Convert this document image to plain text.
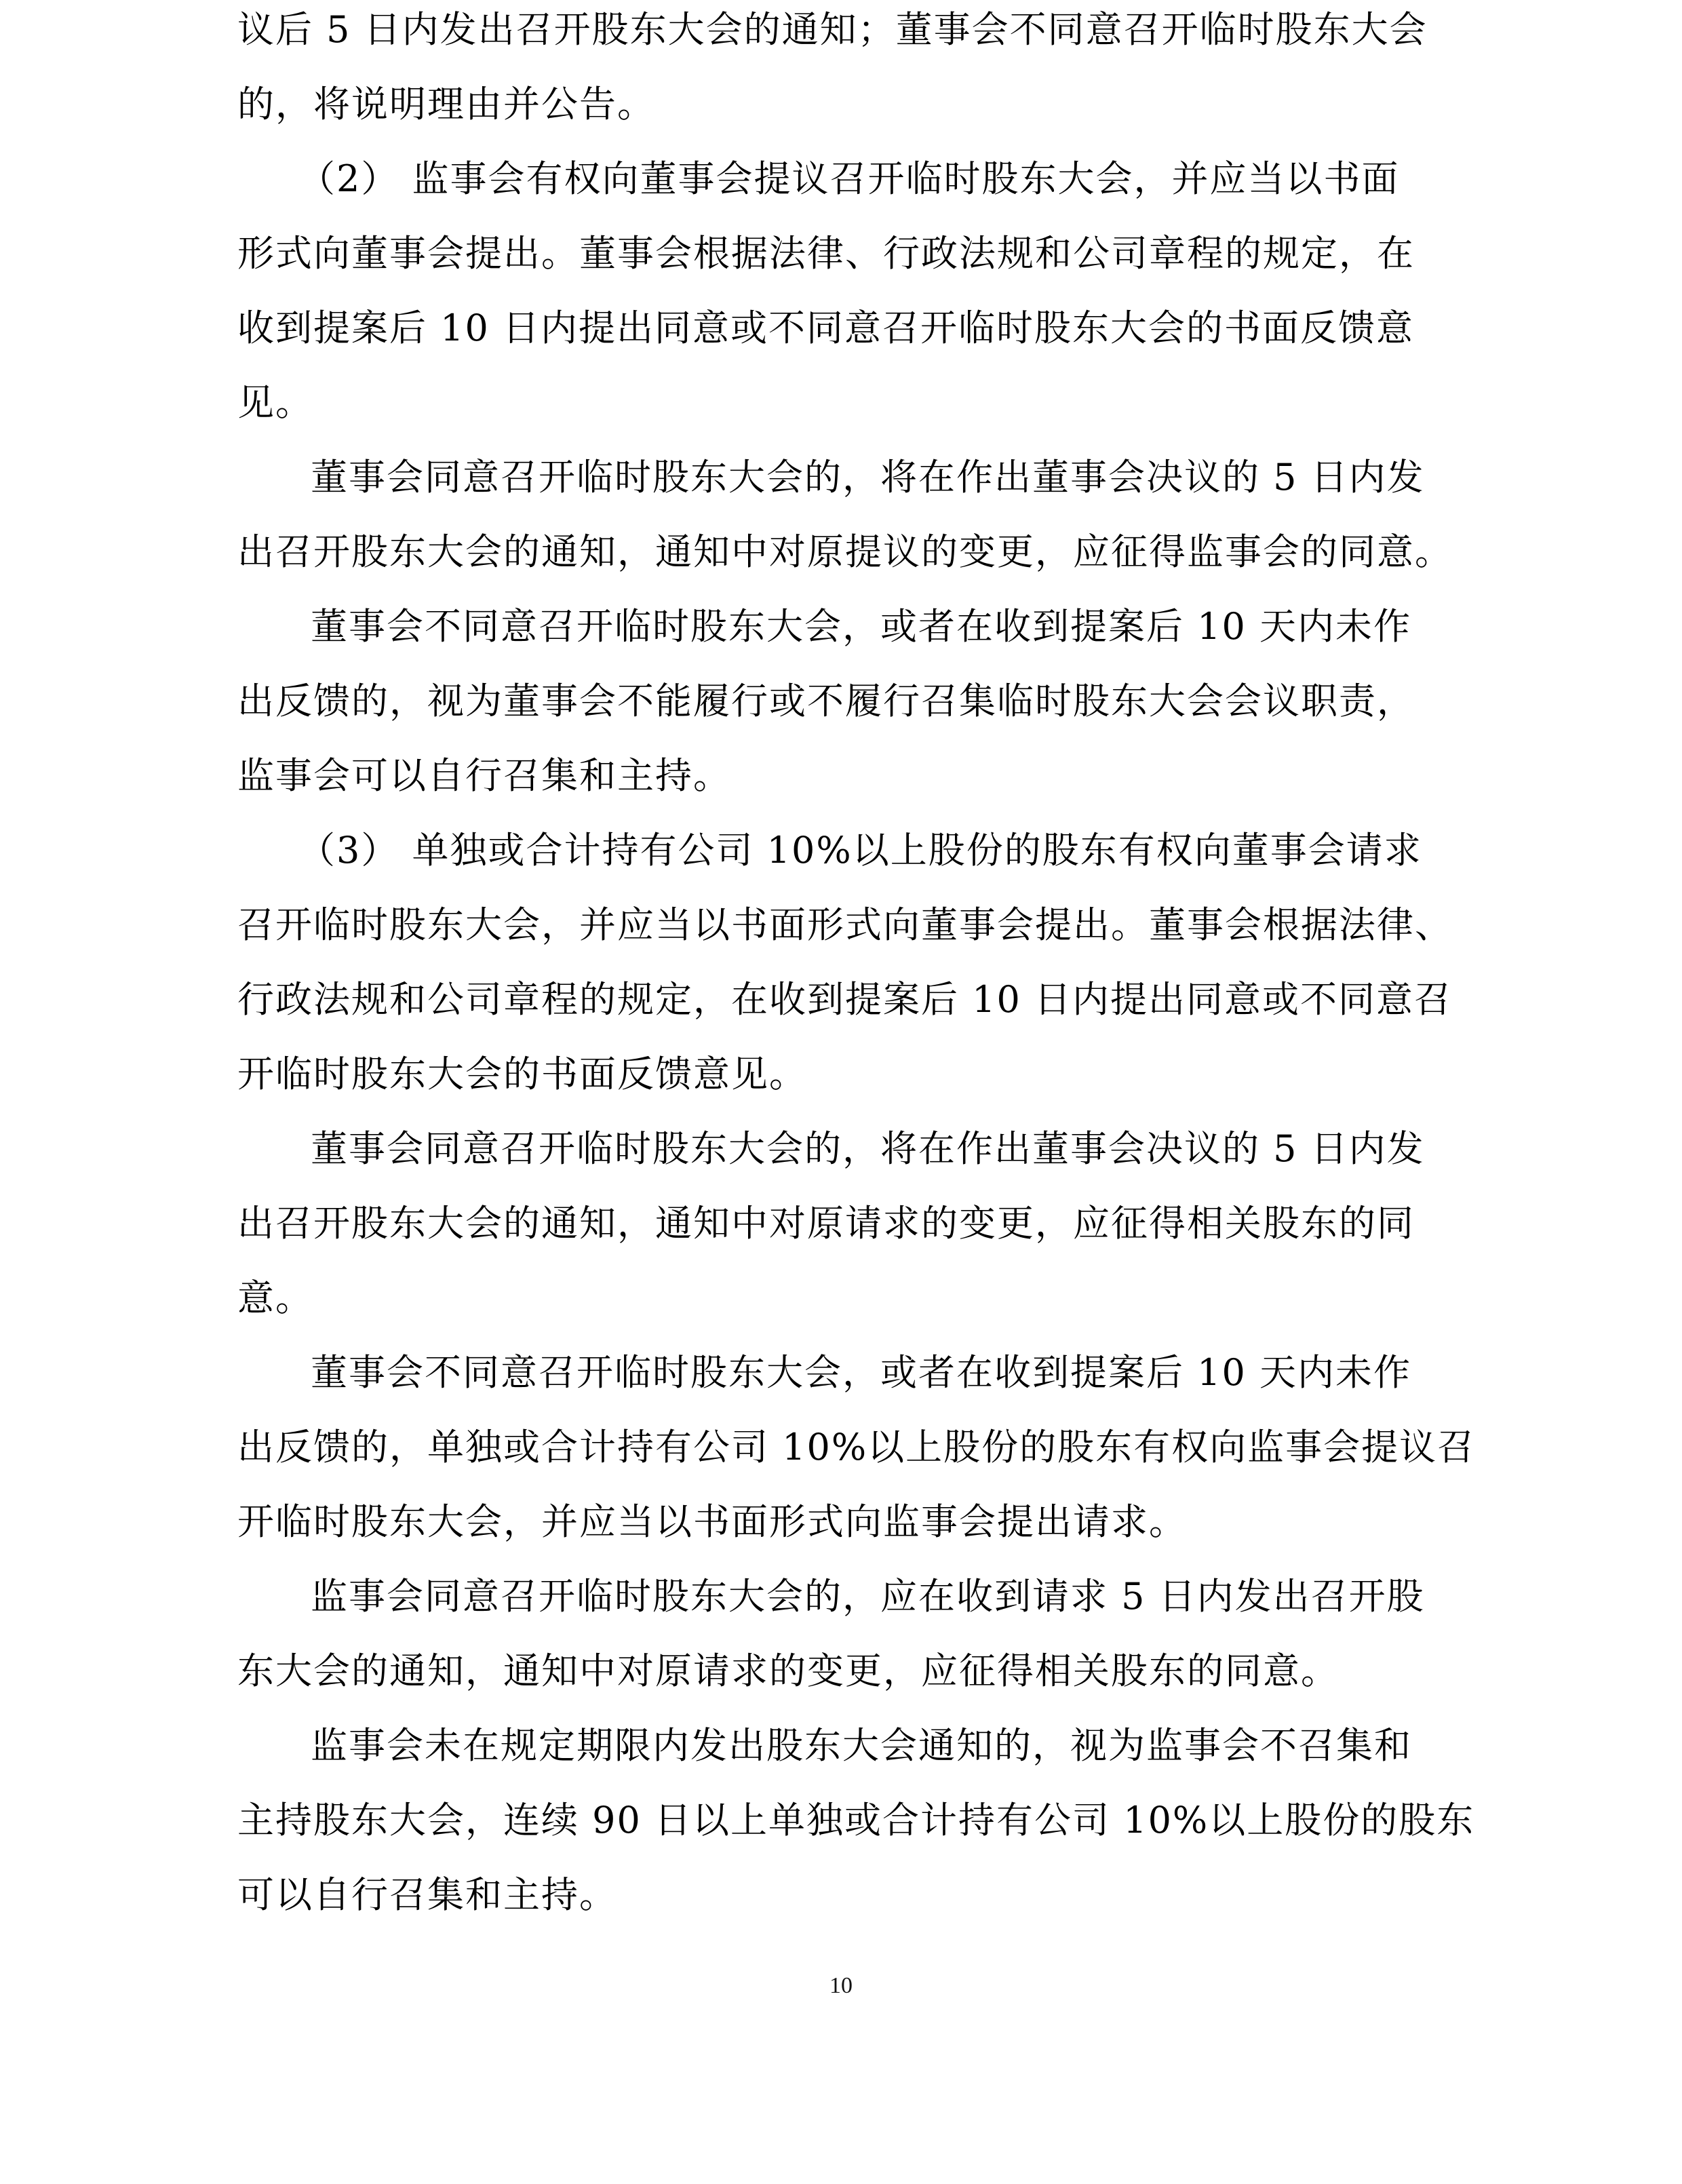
议后 5 日内发出召开股东大会的通知；董事会不同意召开临时股东大会
的，将说明理由并公告。
（2） 监事会有权向董事会提议召开临时股东大会，并应当以书面
形式向董事会提出。董事会根据法律、行政法规和公司章程的规定，在
收到提案后 10 日内提出同意或不同意召开临时股东大会的书面反馈意
见。
董事会同意召开临时股东大会的，将在作出董事会决议的 5 日内发
出召开股东大会的通知，通知中对原提议的变更，应征得监事会的同意。
董事会不同意召开临时股东大会，或者在收到提案后 10 天内未作
出反馈的，视为董事会不能履行或不履行召集临时股东大会会议职责，
监事会可以自行召集和主持。
（3） 单独或合计持有公司 10%以上股份的股东有权向董事会请求
召开临时股东大会，并应当以书面形式向董事会提出。董事会根据法律、
行政法规和公司章程的规定，在收到提案后 10 日内提出同意或不同意召
开临时股东大会的书面反馈意见。
董事会同意召开临时股东大会的，将在作出董事会决议的 5 日内发
出召开股东大会的通知，通知中对原请求的变更，应征得相关股东的同
意。
董事会不同意召开临时股东大会，或者在收到提案后 10 天内未作
出反馈的，单独或合计持有公司 10%以上股份的股东有权向监事会提议召
开临时股东大会，并应当以书面形式向监事会提出请求。
监事会同意召开临时股东大会的，应在收到请求 5 日内发出召开股
东大会的通知，通知中对原请求的变更，应征得相关股东的同意。
监事会未在规定期限内发出股东大会通知的，视为监事会不召集和
主持股东大会，连续 90 日以上单独或合计持有公司 10%以上股份的股东
可以自行召集和主持。
10
